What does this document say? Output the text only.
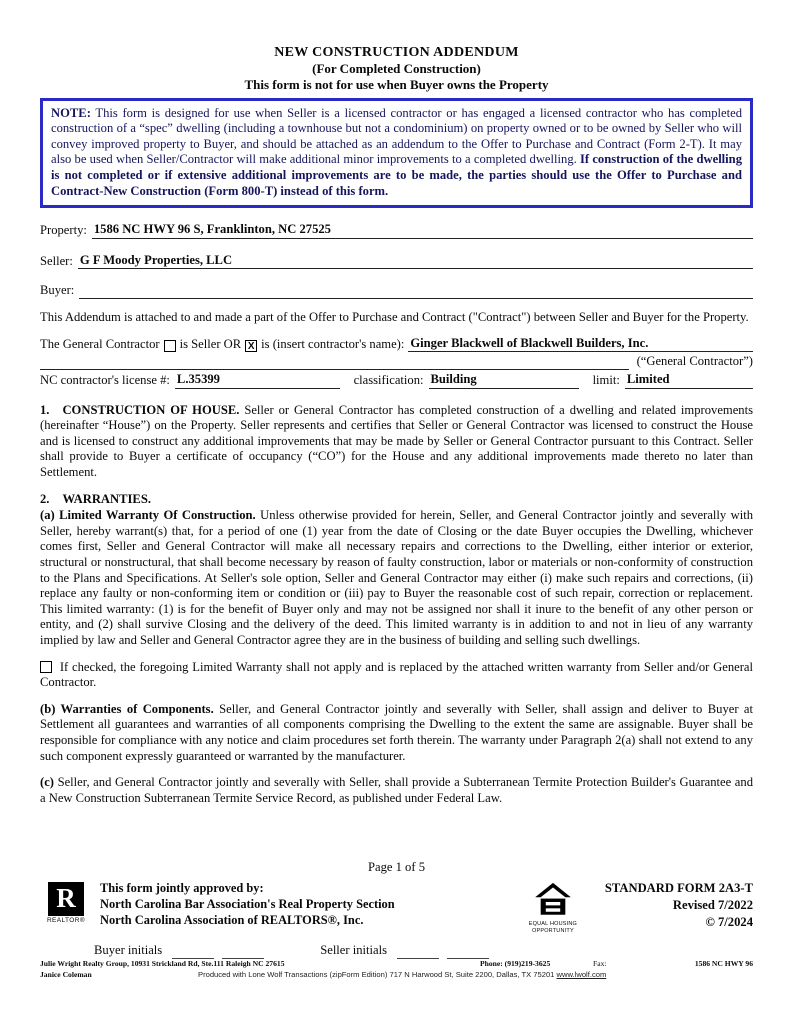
NEW CONSTRUCTION ADDENDUM
(For Completed Construction)
This form is not for use when Buyer owns the Property
NOTE: This form is designed for use when Seller is a licensed contractor or has engaged a licensed contractor who has completed construction of a “spec” dwelling (including a townhouse but not a condominium) on property owned or to be owned by Seller who will convey improved property to Buyer, and should be attached as an addendum to the Offer to Purchase and Contract (Form 2-T). It may also be used when Seller/Contractor will make additional minor improvements to a completed dwelling. If construction of the dwelling is not completed or if extensive additional improvements are to be made, the parties should use the Offer to Purchase and Contract-New Construction (Form 800-T) instead of this form.
Property: 1586 NC HWY 96 S, Franklinton, NC 27525
Seller: G F Moody Properties, LLC
Buyer:

This Addendum is attached to and made a part of the Offer to Purchase and Contract ("Contract") between Seller and Buyer for the Property.

The General Contractor is Seller OR X is (insert contractor's name): Ginger Blackwell of Blackwell Builders, Inc.
(“General Contractor”)
NC contractor's license #: L.35399	classification: Building	limit: Limited

1. CONSTRUCTION OF HOUSE. Seller or General Contractor has completed construction of a dwelling and related improvements (hereinafter “House”) on the Property. Seller represents and certifies that Seller or General Contractor was licensed to construct the House and is licensed to construct any additional improvements that may be made by Seller or General Contractor pursuant to this Contract. Seller shall provide to Buyer a certificate of occupancy (“CO”) for the House and any additional improvements made thereto no later than Settlement.

2. WARRANTIES.

(a) Limited Warranty Of Construction. Unless otherwise provided for herein, Seller, and General Contractor jointly and severally with Seller, hereby warrant(s) that, for a period of one (1) year from the date of Closing or the date Buyer occupies the Dwelling, whichever comes first, Seller and General Contractor will make all necessary repairs and corrections to the Dwelling, either interior or exterior, structural or nonstructural, that shall become necessary by reason of faulty construction, labor or materials or non-conformity of construction to the Plans and Specifications. At Seller's sole option, Seller and General Contractor may either (i) make such repairs and corrections, (ii) replace any faulty or non-conforming item or condition or (iii) pay to Buyer the reasonable cost of such repair, correction or replacement. This limited warranty: (1) is for the benefit of Buyer only and may not be assigned nor shall it inure to the benefit of any other person or entity, and (2) shall survive Closing and the delivery of the deed. This limited warranty is in addition to and not in lieu of any warranty implied by law and Seller and General Contractor agree they are in the business of building and selling such dwellings.

If checked, the foregoing Limited Warranty shall not apply and is replaced by the attached written warranty from Seller and/or General Contractor.

(b) Warranties of Components. Seller, and General Contractor jointly and severally with Seller, shall assign and deliver to Buyer at Settlement all guarantees and warranties of all components comprising the Dwelling to the extent the same are assignable. Buyer shall be responsible for compliance with any notice and claim procedures set forth therein. The warranty under Paragraph 2(a) shall not extend to any such component expressly guaranteed or warranted by the manufacturer.

(c) Seller, and General Contractor jointly and severally with Seller, shall provide a Subterranean Termite Protection Builder's Guarantee and a New Construction Subterranean Termite Service Record, as published under Federal Law.

Page 1 of 5
R
REALTOR®
This form jointly approved by:
North Carolina Bar Association's Real Property Section
North Carolina Association of REALTORS®, Inc.	EQUAL HOUSING
OPPORTUNITY
STANDARD FORM 2A3-T
Revised 7/2022
© 7/2024
Buyer initials	Seller initials
Julie Wright Realty Group, 10931 Strickland Rd, Ste.111 Raleigh NC 27615	Phone: (919)219-3625	Fax:	1586 NC HWY 96
Janice Coleman	Produced with Lone Wolf Transactions (zipForm Edition) 717 N Harwood St, Suite 2200, Dallas, TX 75201 www.lwolf.com
